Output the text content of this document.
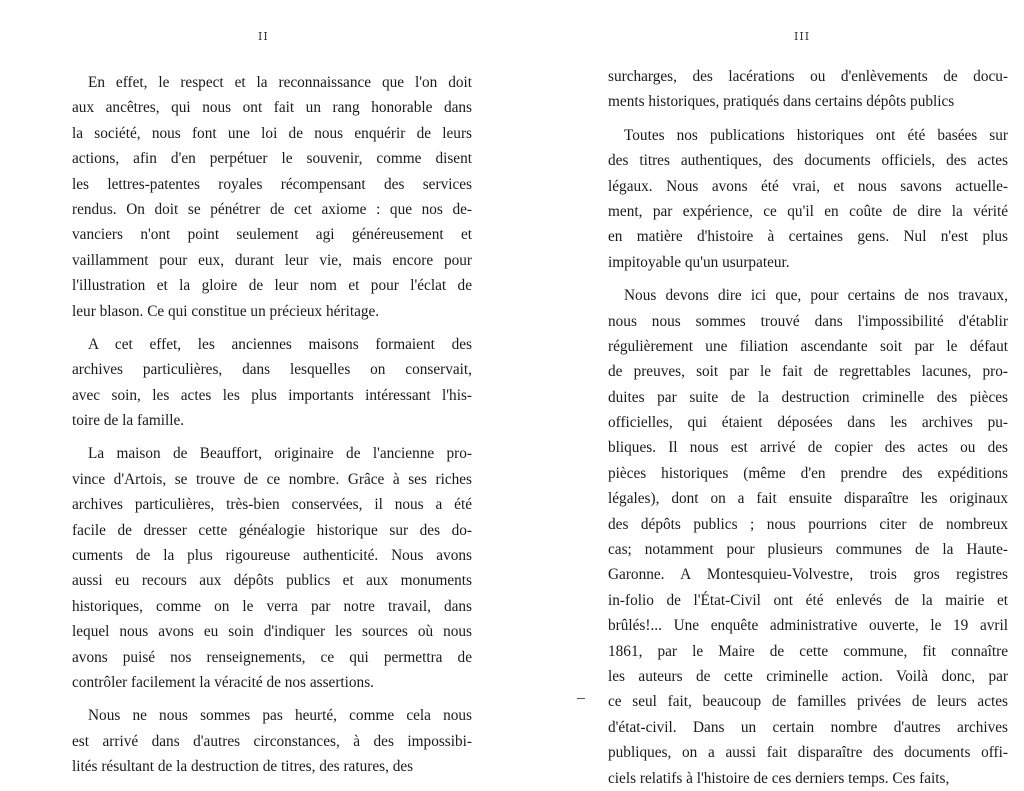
II
En effet, le respect et la reconnaissance que l'on doit
aux ancêtres, qui nous ont fait un rang honorable dans
la société, nous font une loi de nous enquérir de leurs
actions, afin d'en perpétuer le souvenir, comme disent
les lettres-patentes royales récompensant des services
rendus. On doit se pénétrer de cet axiome : que nos de-
vanciers n'ont point seulement agi généreusement et
vaillamment pour eux, durant leur vie, mais encore pour
l'illustration et la gloire de leur nom et pour l'éclat de
leur blason. Ce qui constitue un précieux héritage.
A cet effet, les anciennes maisons formaient des
archives particulières, dans lesquelles on conservait,
avec soin, les actes les plus importants intéressant l'his-
toire de la famille.
La maison de Beauffort, originaire de l'ancienne pro-
vince d'Artois, se trouve de ce nombre. Grâce à ses riches
archives particulières, très-bien conservées, il nous a été
facile de dresser cette généalogie historique sur des do-
cuments de la plus rigoureuse authenticité. Nous avons
aussi eu recours aux dépôts publics et aux monuments
historiques, comme on le verra par notre travail, dans
lequel nous avons eu soin d'indiquer les sources où nous
avons puisé nos renseignements, ce qui permettra de
contrôler facilement la véracité de nos assertions.
Nous ne nous sommes pas heurté, comme cela nous
est arrivé dans d'autres circonstances, à des impossibi-
lités résultant de la destruction de titres, des ratures, des
III
surcharges, des lacérations ou d'enlèvements de docu-
ments historiques, pratiqués dans certains dépôts publics
Toutes nos publications historiques ont été basées sur
des titres authentiques, des documents officiels, des actes
légaux. Nous avons été vrai, et nous savons actuelle-
ment, par expérience, ce qu'il en coûte de dire la vérité
en matière d'histoire à certaines gens. Nul n'est plus
impitoyable qu'un usurpateur.
Nous devons dire ici que, pour certains de nos travaux,
nous nous sommes trouvé dans l'impossibilité d'établir
régulièrement une filiation ascendante soit par le défaut
de preuves, soit par le fait de regrettables lacunes, pro-
duites par suite de la destruction criminelle des pièces
officielles, qui étaient déposées dans les archives pu-
bliques. Il nous est arrivé de copier des actes ou des
pièces historiques (même d'en prendre des expéditions
légales), dont on a fait ensuite disparaître les originaux
des dépôts publics ; nous pourrions citer de nombreux
cas; notamment pour plusieurs communes de la Haute-
Garonne. A Montesquieu-Volvestre, trois gros registres
in-folio de l'État-Civil ont été enlevés de la mairie et
brûlés!... Une enquête administrative ouverte, le 19 avril
1861, par le Maire de cette commune, fit connaître
les auteurs de cette criminelle action. Voilà donc, par
ce seul fait, beaucoup de familles privées de leurs actes
d'état-civil. Dans un certain nombre d'autres archives
publiques, on a aussi fait disparaître des documents offi-
ciels relatifs à l'histoire de ces derniers temps. Ces faits,
